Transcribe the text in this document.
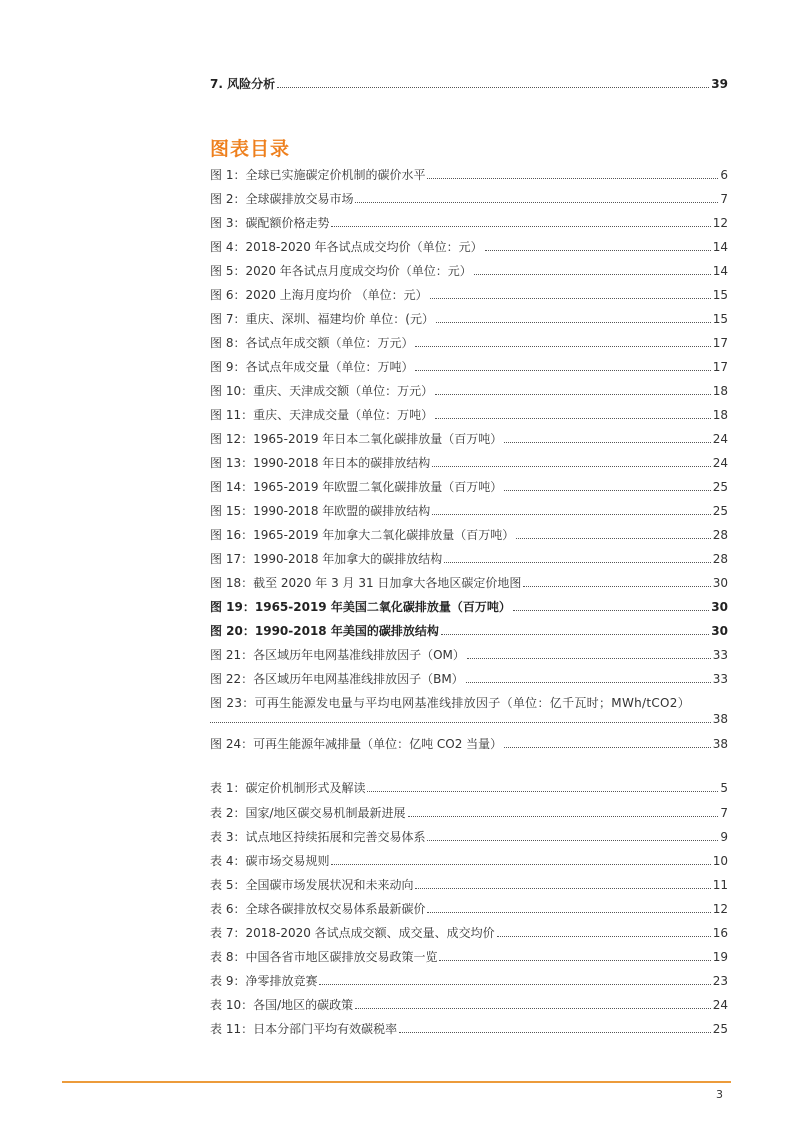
7. 风险分析	39
图表目录
图 1：全球已实施碳定价机制的碳价水平	6
图 2：全球碳排放交易市场	7
图 3：碳配额价格走势	12
图 4：2018-2020 年各试点成交均价（单位：元）	14
图 5：2020 年各试点月度成交均价（单位：元）	14
图 6：2020 上海月度均价 （单位：元）	15
图 7：重庆、深圳、福建均价 单位：(元）	15
图 8：各试点年成交额（单位：万元）	17
图 9：各试点年成交量（单位：万吨）	17
图 10：重庆、天津成交额（单位：万元）	18
图 11：重庆、天津成交量（单位：万吨）	18
图 12：1965-2019 年日本二氧化碳排放量（百万吨）	24
图 13：1990-2018 年日本的碳排放结构	24
图 14：1965-2019 年欧盟二氧化碳排放量（百万吨）	25
图 15：1990-2018 年欧盟的碳排放结构	25
图 16：1965-2019 年加拿大二氧化碳排放量（百万吨）	28
图 17：1990-2018 年加拿大的碳排放结构	28
图 18：截至 2020 年 3 月 31 日加拿大各地区碳定价地图	30
图 19：1965-2019 年美国二氧化碳排放量（百万吨）	30
图 20：1990-2018 年美国的碳排放结构	30
图 21：各区域历年电网基准线排放因子（OM）	33
图 22：各区域历年电网基准线排放因子（BM）	33
图 23：可再生能源发电量与平均电网基准线排放因子（单位：亿千瓦时；MWh/tCO2）
38
图 24：可再生能源年减排量（单位：亿吨 CO2 当量）	38
表 1：碳定价机制形式及解读	5
表 2：国家/地区碳交易机制最新进展	7
表 3：试点地区持续拓展和完善交易体系	9
表 4：碳市场交易规则	10
表 5：全国碳市场发展状况和未来动向	11
表 6：全球各碳排放权交易体系最新碳价	12
表 7：2018-2020 各试点成交额、成交量、成交均价	16
表 8：中国各省市地区碳排放交易政策一览	19
表 9：净零排放竞赛	23
表 10：各国/地区的碳政策	24
表 11：日本分部门平均有效碳税率	25
3
